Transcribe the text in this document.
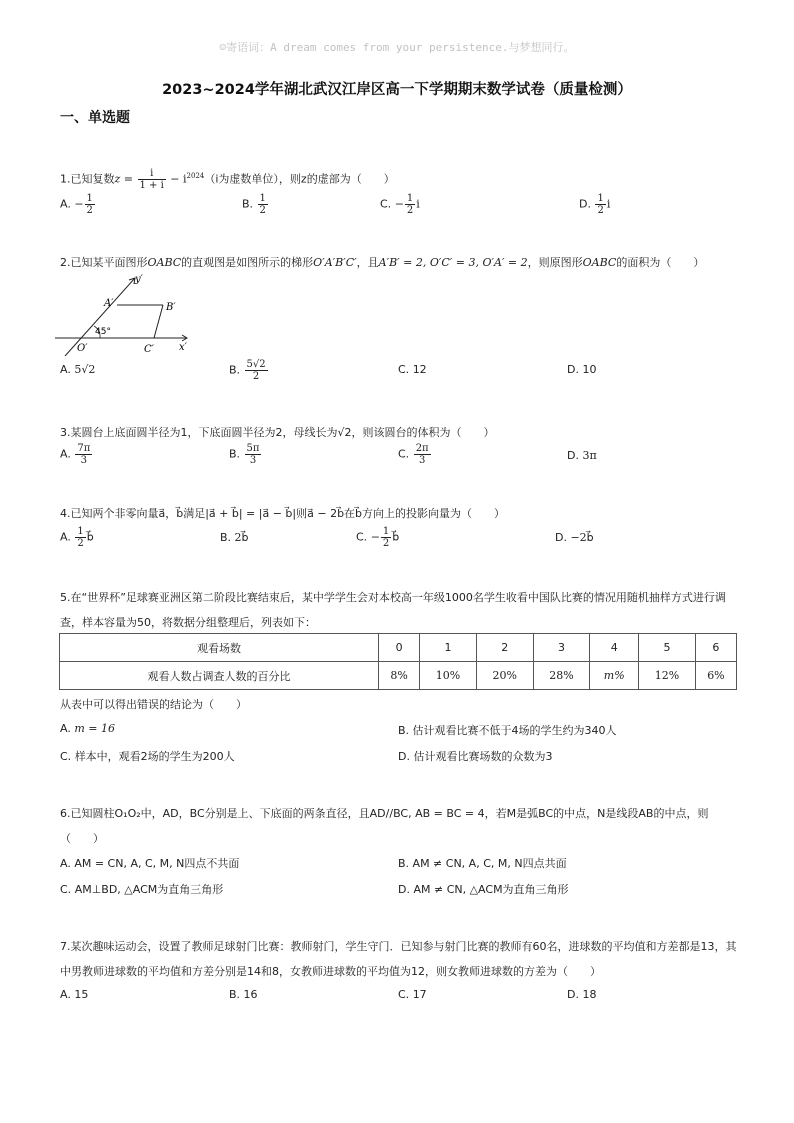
☺寄语词：A dream comes from your persistence.与梦想同行。
2023~2024学年湖北武汉江岸区高一下学期期末数学试卷（质量检测）
一、单选题
1.已知复数$z = \frac{i}{1 + i} - i^{2024}(i$为虚数单位），则z的虚部为（　　）
A. − $\frac{1}{2}$	B. $\frac{1}{2}$	C. − $\frac{1}{2}$ i	D. $\frac{1}{2}$ i
2.已知某平面图形OABC的直观图是如图所示的梯形O′A′B′C′，且A′B′ = 2, O′C′ = 3, O′A′ = 2，则原图形OABC的面积为（　　）
y′
x′
O′
A′	B′
C′
45°
A. 5√2	B. $\frac{5√2}{2}$	C. 12	D. 10
3.某圆台上底面圆半径为1，下底面圆半径为2，母线长为√2，则该圆台的体积为（　　）
A. $\frac{7\pi}{3}$	B. $\frac{5\pi}{3}$	C. $\frac{2\pi}{3}$	D. 3π
4.已知两个非零向量a⃗，b⃗满足|a⃗ + b⃗| = |a⃗ − b⃗|则a⃗ − 2b⃗在b⃗方向上的投影向量为（　　）
A. $\frac{1}{2}$ b⃗	B. 2b⃗	C. − $\frac{1}{2}$ b⃗	D. −2b⃗
5.在“世界杯”足球赛亚洲区第二阶段比赛结束后，某中学学生会对本校高一年级1000名学生收看中国队比赛的情况用随机抽样方式进行调
查，样本容量为50，将数据分组整理后，列表如下：
观看场数	0	1	2	3	4	5	6
观看人数占调查人数的百分比	8%	10%	20%	28%	m%	12%	6%
从表中可以得出错误的结论为（　　）
A. m = 16	B. 估计观看比赛不低于4场的学生约为340人
C. 样本中，观看2场的学生为200人	D. 估计观看比赛场数的众数为3
6.已知圆柱O₁O₂中，AD，BC分别是上、下底面的两条直径，且AD//BC, AB = BC = 4，若M是弧BC的中点，N是线段AB的中点，则
（　　）
A. AM = CN, A, C, M, N四点不共面	B. AM ≠ CN, A, C, M, N四点共面
C. AM⊥BD, △ACM为直角三角形	D. AM ≠ CN, △ACM为直角三角形
7.某次趣味运动会，设置了教师足球射门比赛：教师射门，学生守门．已知参与射门比赛的教师有60名，进球数的平均值和方差都是13，其
中男教师进球数的平均值和方差分别是14和8，女教师进球数的平均值为12，则女教师进球数的方差为（　　）
A. 15	B. 16	C. 17	D. 18
